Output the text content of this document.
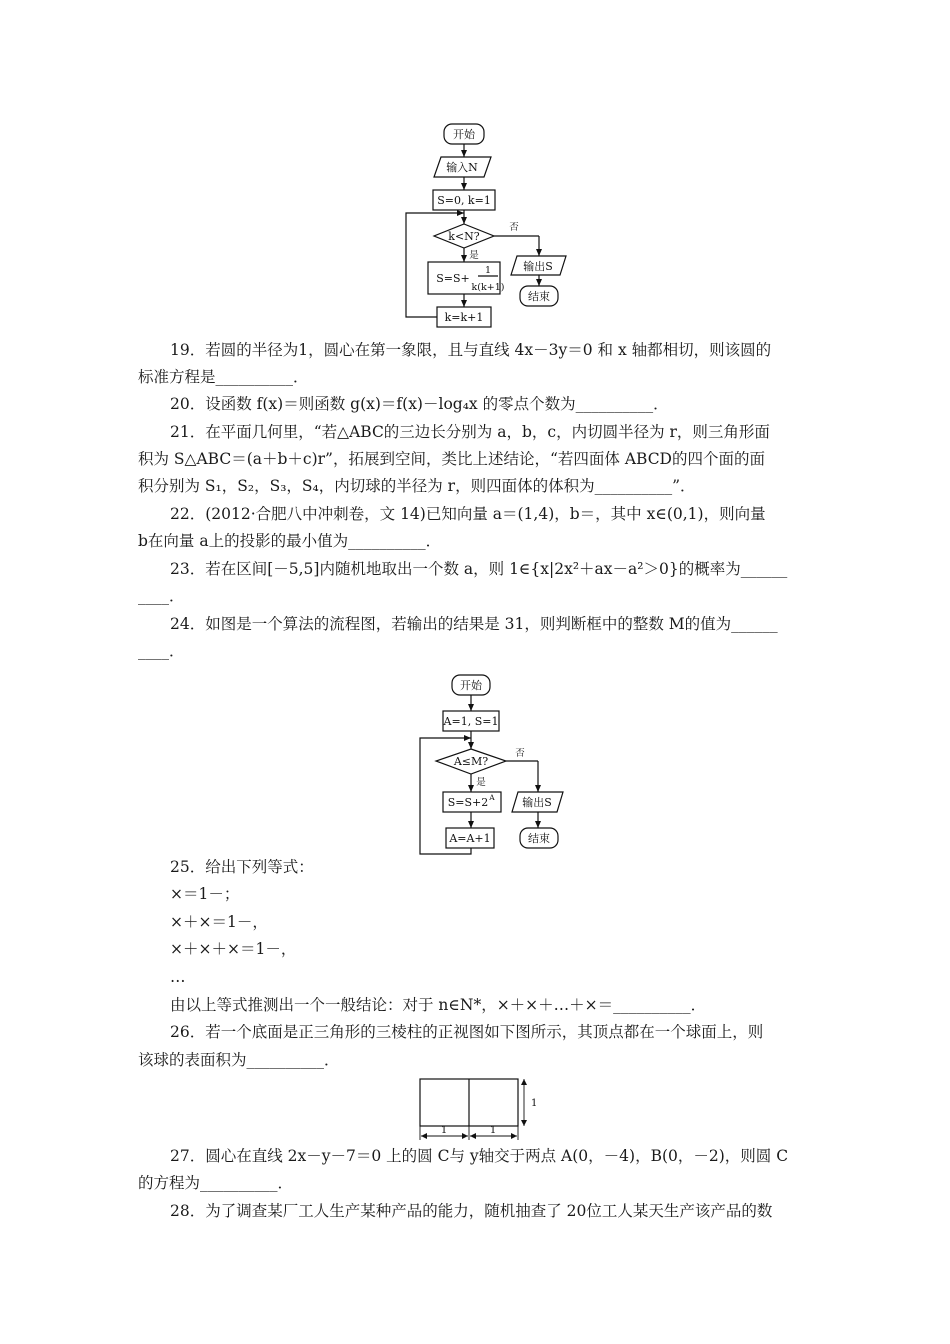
开始
输入N
S=0, k=1
k<N?
否
是
S=S+
1
k(k+1)
k=k+1
输出S
结束
19．若圆的半径为1，圆心在第一象限，且与直线 4x－3y＝0 和 x 轴都相切，则该圆的
标准方程是__________．
20．设函数 f(x)＝则函数 g(x)＝f(x)－log₄x 的零点个数为__________．
21．在平面几何里，“若△ABC的三边长分别为 a，b，c，内切圆半径为 r，则三角形面
积为 S△ABC＝(a＋b＋c)r”，拓展到空间，类比上述结论，“若四面体 ABCD的四个面的面
积分别为 S₁，S₂，S₃，S₄，内切球的半径为 r，则四面体的体积为__________”．
22．(2012·合肥八中冲刺卷，文 14)已知向量 a＝(1,4)，b＝，其中 x∈(0,1)，则向量
b在向量 a上的投影的最小值为__________．
23．若在区间[－5,5]内随机地取出一个数 a，则 1∈{x|2x²＋ax－a²＞0}的概率为______
____．
24．如图是一个算法的流程图，若输出的结果是 31，则判断框中的整数 M的值为______
____．
开始
A=1, S=1
A≤M?
否
是
S=S+2 A
A=A+1
输出S
结束
25．给出下列等式：
×＝1－；
×＋×＝1－，
×＋×＋×＝1－，
…
由以上等式推测出一个一般结论：对于 n∈N*，×＋×＋…＋×＝__________．
26．若一个底面是正三角形的三棱柱的正视图如下图所示，其顶点都在一个球面上，则
该球的表面积为__________．
1
1	1
27．圆心在直线 2x－y－7＝0 上的圆 C与 y轴交于两点 A(0，－4)，B(0，－2)，则圆 C
的方程为__________．
28．为了调查某厂工人生产某种产品的能力，随机抽查了 20位工人某天生产该产品的数
